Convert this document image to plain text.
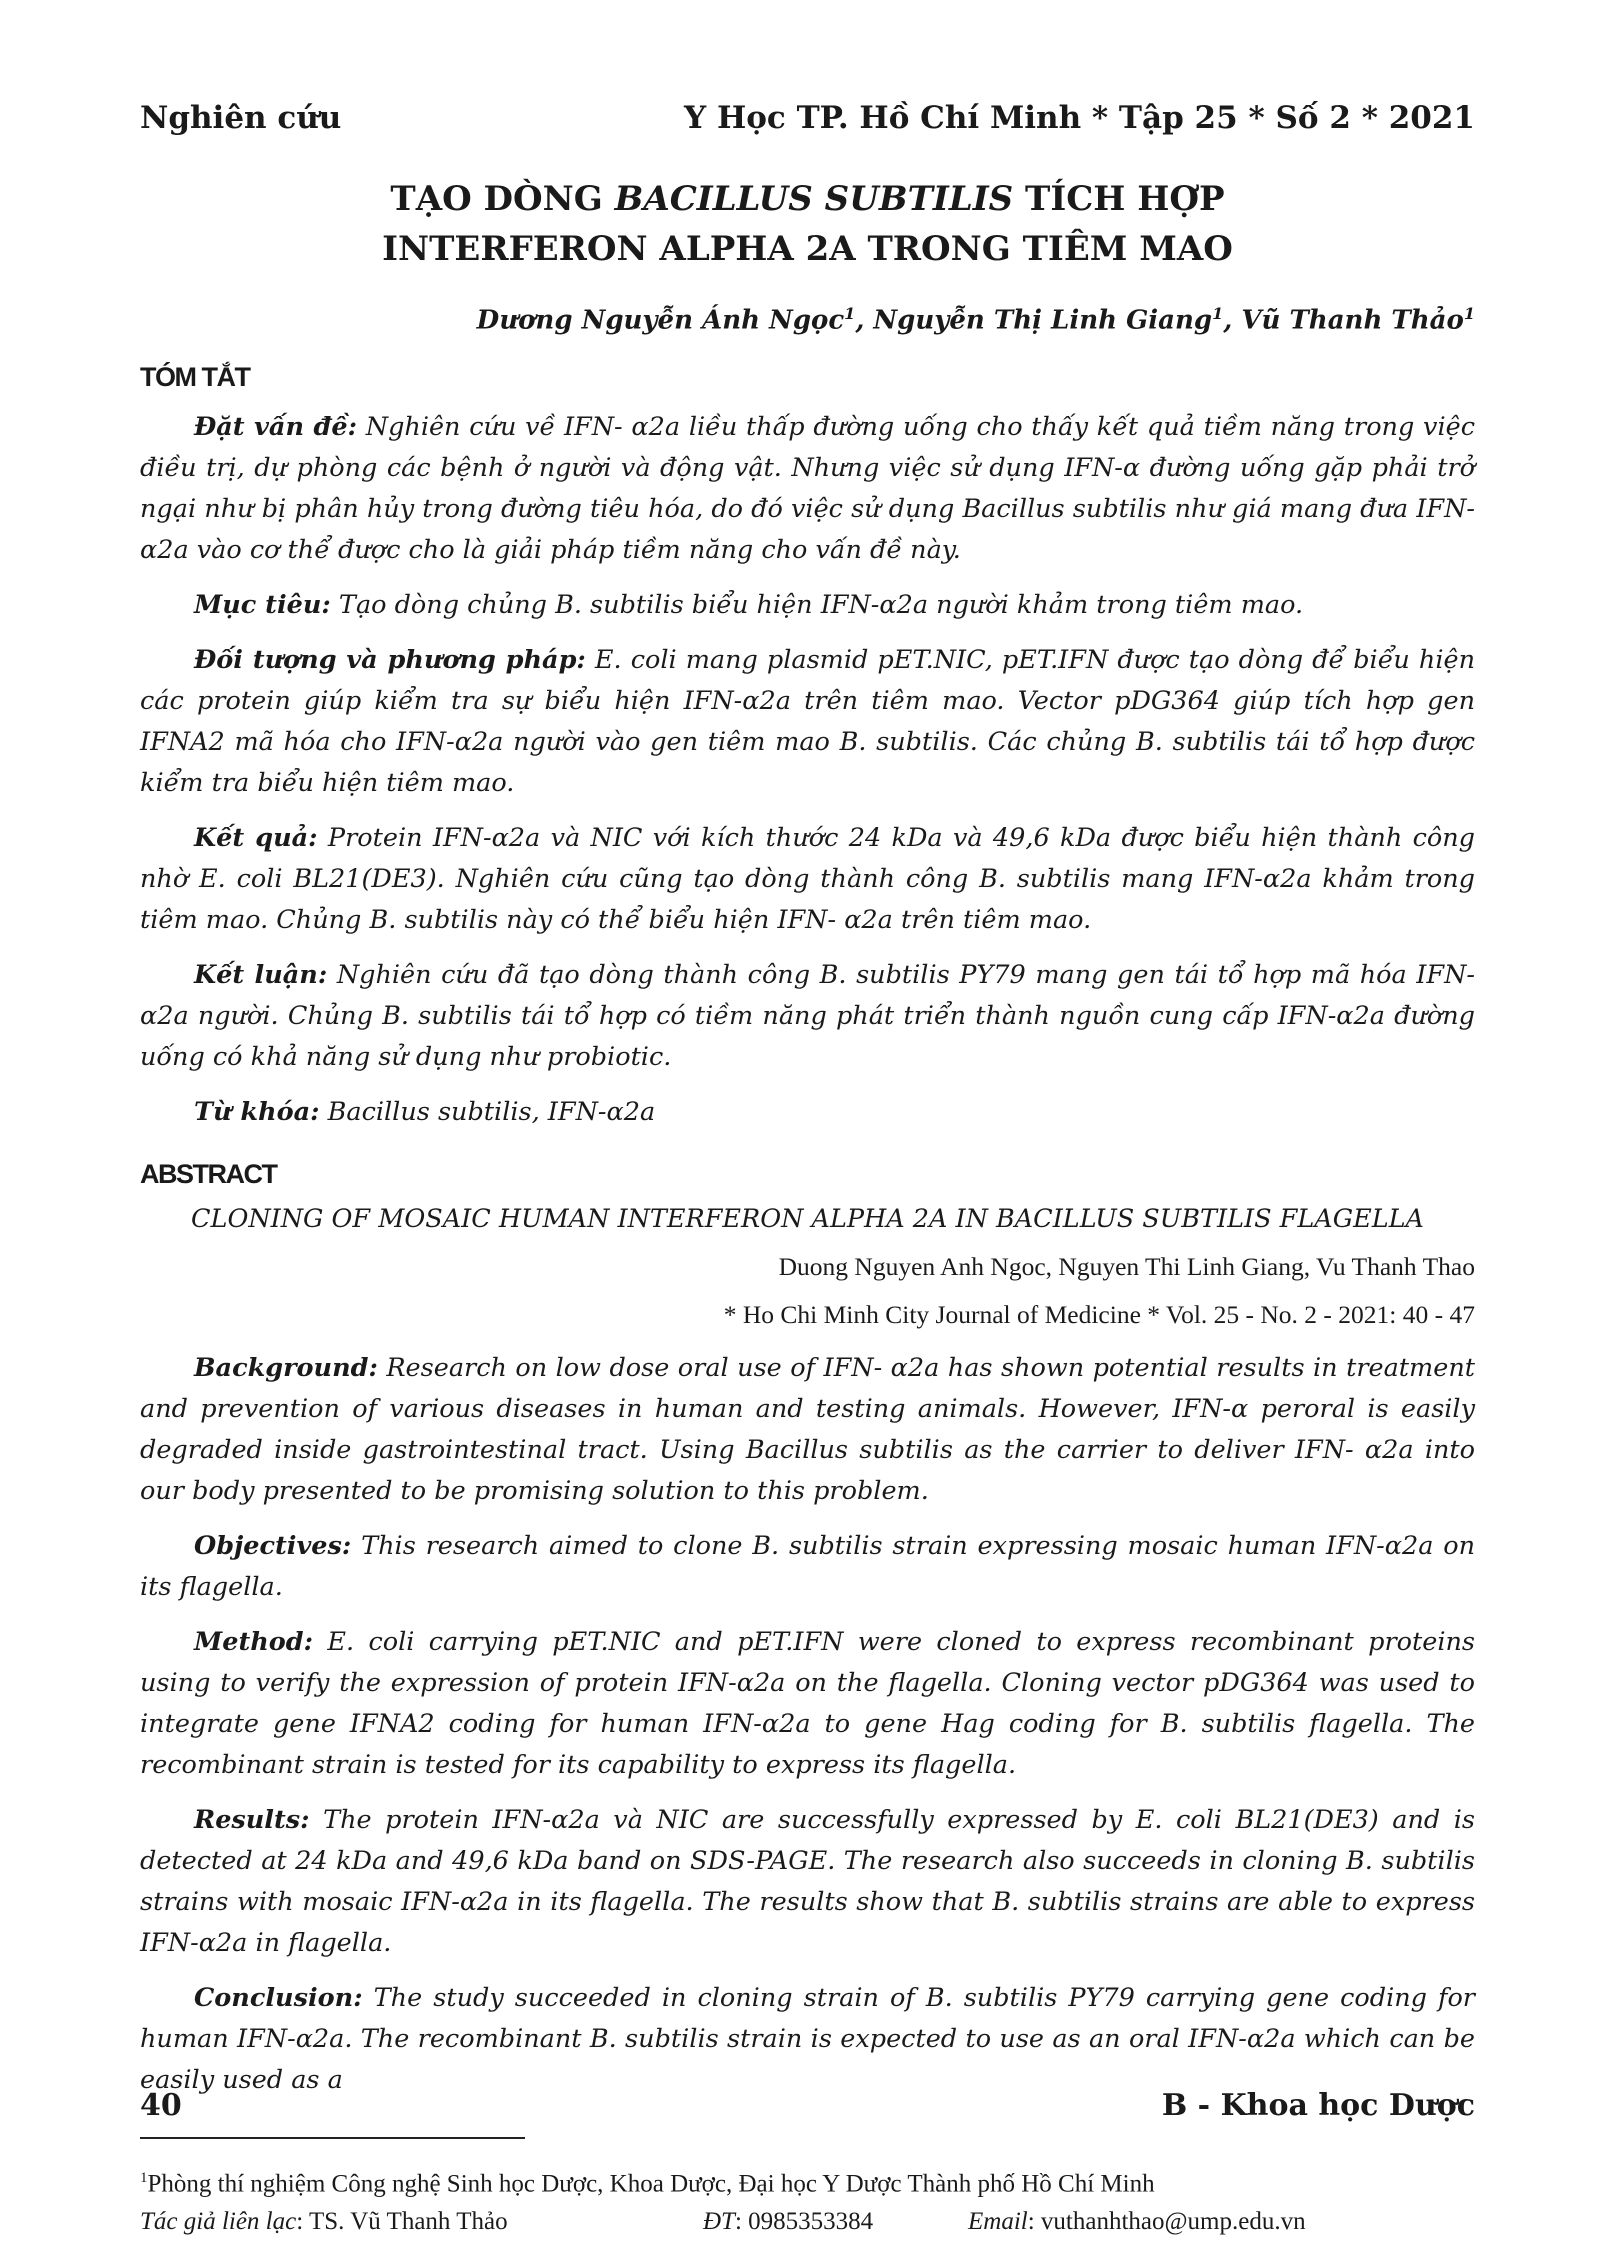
Nghiên cứu	Y Học TP. Hồ Chí Minh * Tập 25 * Số 2 * 2021
TẠO DÒNG BACILLUS SUBTILIS TÍCH HỢP
INTERFERON ALPHA 2A TRONG TIÊM MAO
Dương Nguyễn Ánh Ngọc$^1$, Nguyễn Thị Linh Giang$^1$, Vũ Thanh Thảo$^1$
TÓM TẮT

Đặt vấn đề: Nghiên cứu về IFN- α2a liều thấp đường uống cho thấy kết quả tiềm năng trong việc điều trị, dự phòng các bệnh ở người và động vật. Nhưng việc sử dụng IFN-α đường uống gặp phải trở ngại như bị phân hủy trong đường tiêu hóa, do đó việc sử dụng Bacillus subtilis như giá mang đưa IFN- α2a vào cơ thể được cho là giải pháp tiềm năng cho vấn đề này.

Mục tiêu: Tạo dòng chủng B. subtilis biểu hiện IFN-α2a người khảm trong tiêm mao.

Đối tượng và phương pháp: E. coli mang plasmid pET.NIC, pET.IFN được tạo dòng để biểu hiện các protein giúp kiểm tra sự biểu hiện IFN-α2a trên tiêm mao. Vector pDG364 giúp tích hợp gen IFNA2 mã hóa cho IFN-α2a người vào gen tiêm mao B. subtilis. Các chủng B. subtilis tái tổ hợp được kiểm tra biểu hiện tiêm mao.

Kết quả: Protein IFN-α2a và NIC với kích thước 24 kDa và 49,6 kDa được biểu hiện thành công nhờ E. coli BL21(DE3). Nghiên cứu cũng tạo dòng thành công B. subtilis mang IFN-α2a khảm trong tiêm mao. Chủng B. subtilis này có thể biểu hiện IFN- α2a trên tiêm mao.

Kết luận: Nghiên cứu đã tạo dòng thành công B. subtilis PY79 mang gen tái tổ hợp mã hóa IFN-α2a người. Chủng B. subtilis tái tổ hợp có tiềm năng phát triển thành nguồn cung cấp IFN-α2a đường uống có khả năng sử dụng như probiotic.

Từ khóa: Bacillus subtilis, IFN-α2a

ABSTRACT
CLONING OF MOSAIC HUMAN INTERFERON ALPHA 2A IN BACILLUS SUBTILIS FLAGELLA
Duong Nguyen Anh Ngoc, Nguyen Thi Linh Giang, Vu Thanh Thao
* Ho Chi Minh City Journal of Medicine * Vol. 25 - No. 2 - 2021: 40 - 47

Background: Research on low dose oral use of IFN- α2a has shown potential results in treatment and prevention of various diseases in human and testing animals. However, IFN-α peroral is easily degraded inside gastrointestinal tract. Using Bacillus subtilis as the carrier to deliver IFN- α2a into our body presented to be promising solution to this problem.

Objectives: This research aimed to clone B. subtilis strain expressing mosaic human IFN-α2a on its flagella.

Method: E. coli carrying pET.NIC and pET.IFN were cloned to express recombinant proteins using to verify the expression of protein IFN-α2a on the flagella. Cloning vector pDG364 was used to integrate gene IFNA2 coding for human IFN-α2a to gene Hag coding for B. subtilis flagella. The recombinant strain is tested for its capability to express its flagella.

Results: The protein IFN-α2a và NIC are successfully expressed by E. coli BL21(DE3) and is detected at 24 kDa and 49,6 kDa band on SDS-PAGE. The research also succeeds in cloning B. subtilis strains with mosaic IFN-α2a in its flagella. The results show that B. subtilis strains are able to express IFN-α2a in flagella.

Conclusion: The study succeeded in cloning strain of B. subtilis PY79 carrying gene coding for human IFN-α2a. The recombinant B. subtilis strain is expected to use as an oral IFN-α2a which can be easily used as a

$^1$Phòng thí nghiệm Công nghệ Sinh học Dược, Khoa Dược, Đại học Y Dược Thành phố Hồ Chí Minh
Tác giả liên lạc: TS. Vũ Thanh Thảo	ĐT: 0985353384	Email: vuthanhthao@ump.edu.vn
40	B - Khoa học Dược
